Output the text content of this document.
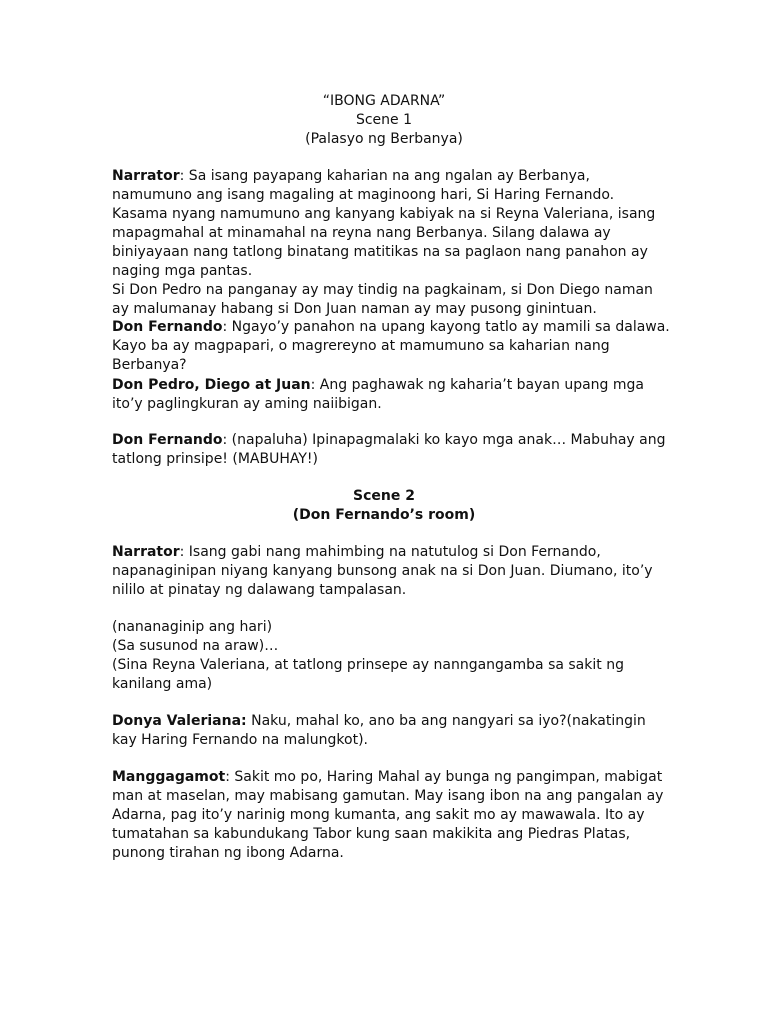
“IBONG ADARNA”
Scene 1
(Palasyo ng Berbanya)

Narrator: Sa isang payapang kaharian na ang ngalan ay Berbanya, namumuno ang isang magaling at maginoong hari, Si Haring Fernando. Kasama nyang namumuno ang kanyang kabiyak na si Reyna Valeriana, isang mapagmahal at minamahal na reyna nang Berbanya. Silang dalawa ay biniyayaan nang tatlong binatang matitikas na sa paglaon nang panahon ay naging mga pantas.

Si Don Pedro na panganay ay may tindig na pagkainam, si Don Diego naman ay malumanay habang si Don Juan naman ay may pusong ginintuan.

Don Fernando: Ngayo’y panahon na upang kayong tatlo ay mamili sa dalawa. Kayo ba ay magpapari, o magrereyno at mamumuno sa kaharian nang Berbanya?

Don Pedro, Diego at Juan: Ang paghawak ng kaharia’t bayan upang mga ito’y paglingkuran ay aming naiibigan.

Don Fernando: (napaluha) Ipinapagmalaki ko kayo mga anak… Mabuhay ang tatlong prinsipe! (MABUHAY!)

Scene 2
(Don Fernando’s room)

Narrator: Isang gabi nang mahimbing na natutulog si Don Fernando, napanaginipan niyang kanyang bunsong anak na si Don Juan. Diumano, ito’y nililo at pinatay ng dalawang tampalasan.

(nananaginip ang hari)

(Sa susunod na araw)…

(Sina Reyna Valeriana, at tatlong prinsepe ay nanngangamba sa sakit ng kanilang ama)

Donya Valeriana: Naku, mahal ko, ano ba ang nangyari sa iyo?(nakatingin kay Haring Fernando na malungkot).

Manggagamot: Sakit mo po, Haring Mahal ay bunga ng pangimpan, mabigat man at maselan, may mabisang gamutan. May isang ibon na ang pangalan ay Adarna, pag ito’y narinig mong kumanta, ang sakit mo ay mawawala. Ito ay tumatahan sa kabundukang Tabor kung saan makikita ang Piedras Platas, punong tirahan ng ibong Adarna.
